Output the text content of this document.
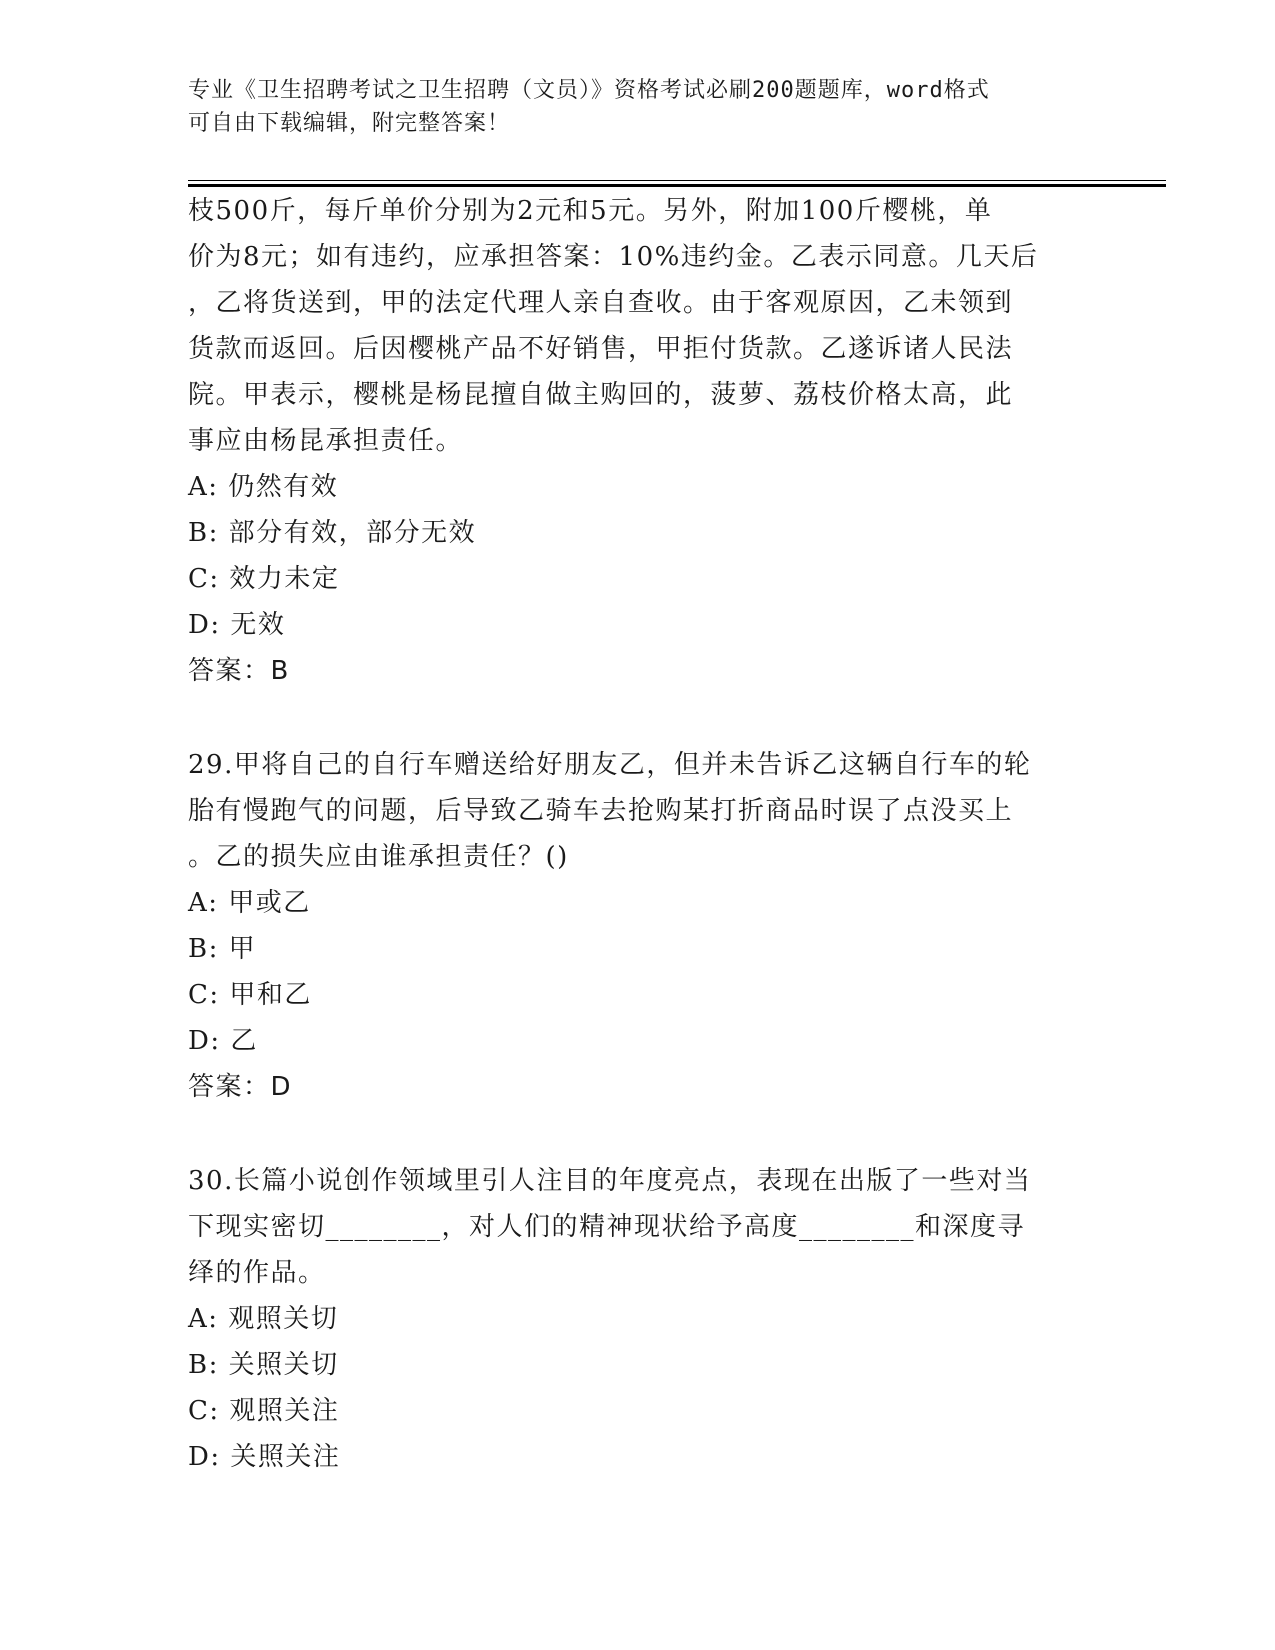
专业《卫生招聘考试之卫生招聘（文员）》资格考试必刷200题题库，word格式
可自由下载编辑，附完整答案！
枝500斤，每斤单价分别为2元和5元。另外，附加100斤樱桃，单
价为8元；如有违约，应承担答案：10%违约金。乙表示同意。几天后
，乙将货送到，甲的法定代理人亲自查收。由于客观原因，乙未领到
货款而返回。后因樱桃产品不好销售，甲拒付货款。乙遂诉诸人民法
院。甲表示，樱桃是杨昆擅自做主购回的，菠萝、荔枝价格太高，此
事应由杨昆承担责任。
A: 仍然有效
B: 部分有效，部分无效
C: 效力未定
D: 无效
答案：B
29.甲将自己的自行车赠送给好朋友乙，但并未告诉乙这辆自行车的轮
胎有慢跑气的问题，后导致乙骑车去抢购某打折商品时误了点没买上
。乙的损失应由谁承担责任？()
A: 甲或乙
B: 甲
C: 甲和乙
D: 乙
答案：D
30.长篇小说创作领域里引人注目的年度亮点，表现在出版了一些对当
下现实密切________，对人们的精神现状给予高度________和深度寻
绎的作品。
A: 观照关切
B: 关照关切
C: 观照关注
D: 关照关注
